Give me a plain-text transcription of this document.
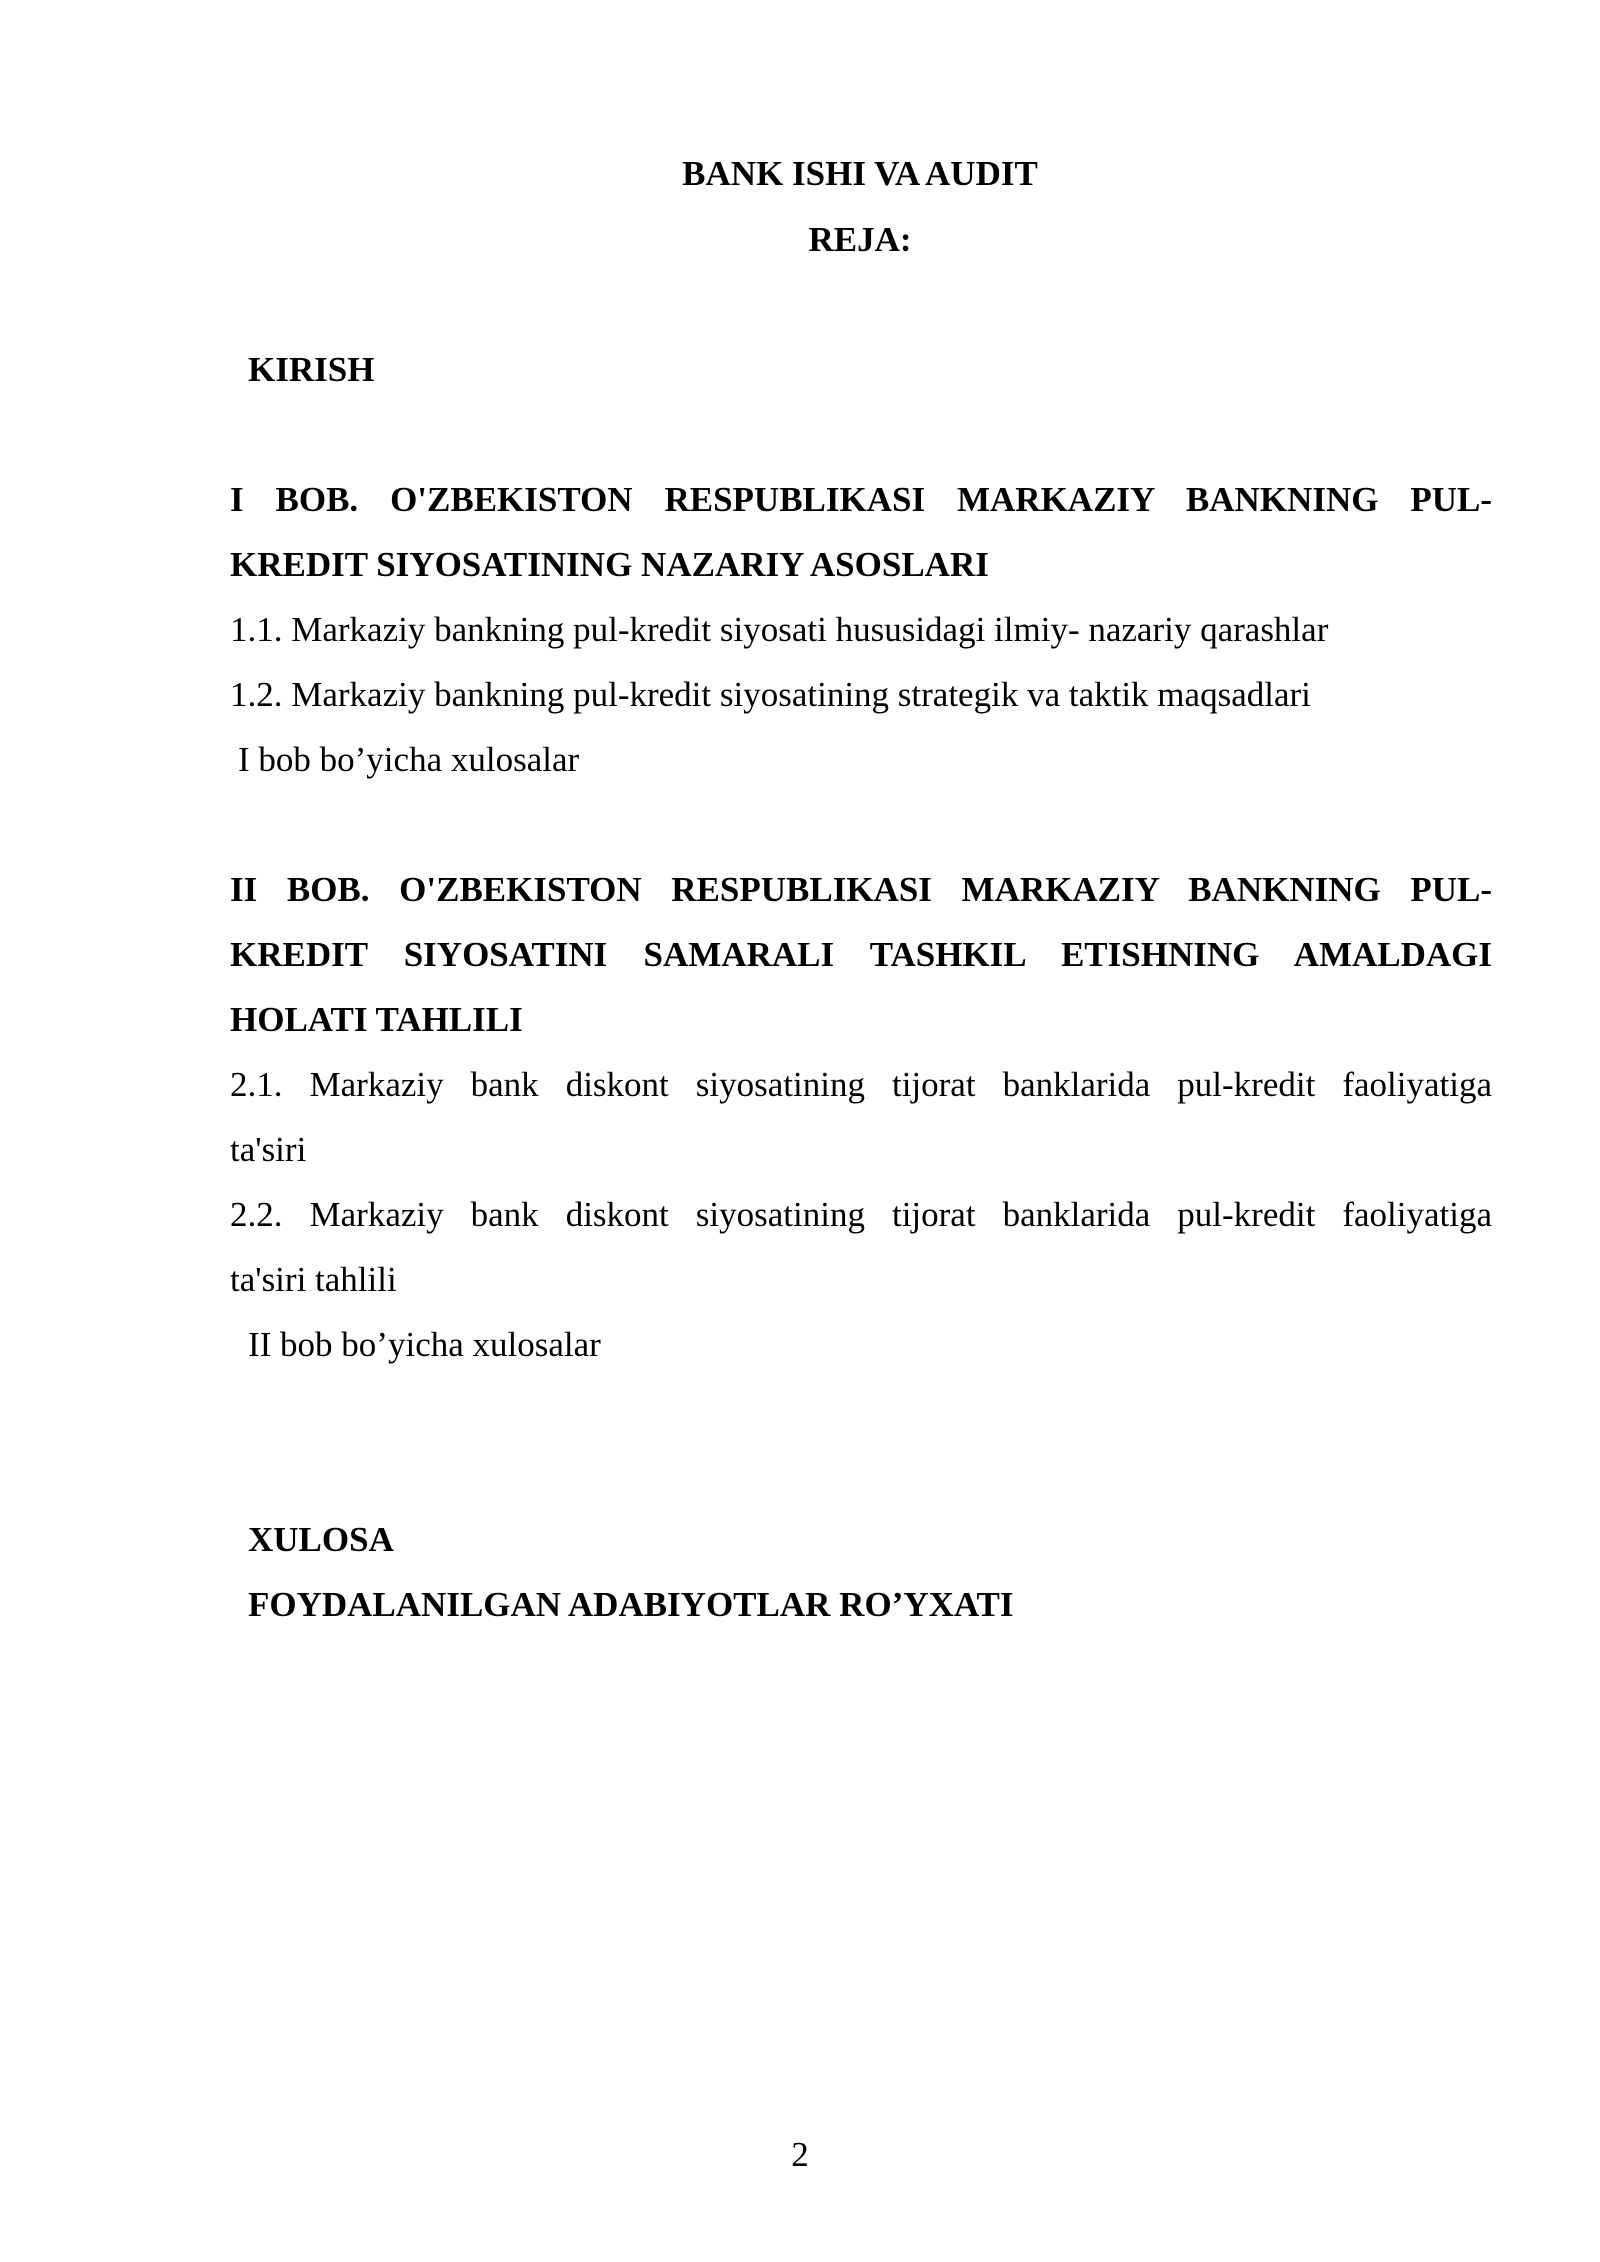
BANK ISHI VA AUDIT
REJA:
KIRISH
I BOB. O'ZBEKISTON RESPUBLIKASI MARKAZIY BANKNING PUL-
KREDIT SIYOSATINING NAZARIY ASOSLARI
1.1. Markaziy bankning pul-kredit siyosati hususidagi ilmiy- nazariy qarashlar
1.2. Markaziy bankning pul-kredit siyosatining strategik va taktik maqsadlari
I bob bo’yicha xulosalar
II BOB. O'ZBEKISTON RESPUBLIKASI MARKAZIY BANKNING PUL-
KREDIT SIYOSATINI SAMARALI TASHKIL ETISHNING AMALDAGI
HOLATI TAHLILI
2.1. Markaziy bank diskont siyosatining tijorat banklarida pul-kredit faoliyatiga
ta'siri
2.2. Markaziy bank diskont siyosatining tijorat banklarida pul-kredit faoliyatiga
ta'siri tahlili
II bob bo’yicha xulosalar
XULOSA
FOYDALANILGAN ADABIYOTLAR RO’YXATI
2
